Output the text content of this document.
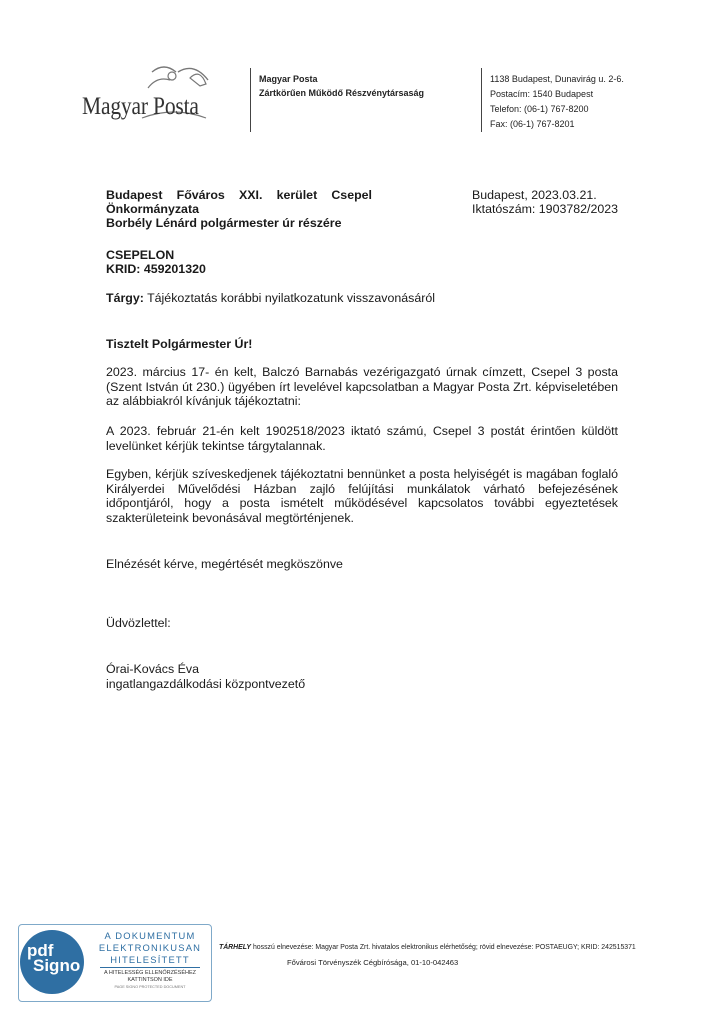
Magyar Posta
Magyar Posta
Zártkörűen Működő Részvénytársaság
1138 Budapest, Dunavirág u. 2-6.
Postacím: 1540 Budapest
Telefon: (06-1) 767-8200
Fax: (06-1) 767-8201
Budapest Főváros XXI. kerület Csepel
Önkormányzata
Borbély Lénárd polgármester úr részére
Budapest, 2023.03.21.
Iktatószám: 1903782/2023
CSEPELON
KRID: 459201320
Tárgy: Tájékoztatás korábbi nyilatkozatunk visszavonásáról
Tisztelt Polgármester Úr!
2023. március 17- én kelt, Balczó Barnabás vezérigazgató úrnak címzett, Csepel 3 posta (Szent István út 230.) ügyében írt levelével kapcsolatban a Magyar Posta Zrt. képviseletében az alábbiakról kívánjuk tájékoztatni:
A 2023. február 21-én kelt 1902518/2023 iktató számú, Csepel 3 postát érintően küldött levelünket kérjük tekintse tárgytalannak.
Egyben, kérjük szíveskedjenek tájékoztatni bennünket a posta helyiségét is magában foglaló Királyerdei Művelődési Házban zajló felújítási munkálatok várható befejezésének időpontjáról, hogy a posta ismételt működésével kapcsolatos további egyeztetések szakterületeink bevonásával megtörténjenek.
Elnézését kérve, megértését megköszönve
Üdvözlettel:
Órai-Kovács Éva
ingatlangazdálkodási központvezető
pdf
Signo
A DOKUMENTUM
ELEKTRONIKUSAN
HITELESÍTETT
A HITELESSÉG ELLENŐRZÉSÉHEZ
KATTINTSON IDE
PAGE SIGNO PROTECTED DOCUMENT
TÁRHELY hosszú elnevezése: Magyar Posta Zrt. hivatalos elektronikus elérhetőség; rövid elnevezése: POSTAEUGY; KRID: 242515371
Fővárosi Törvényszék Cégbírósága, 01-10-042463
